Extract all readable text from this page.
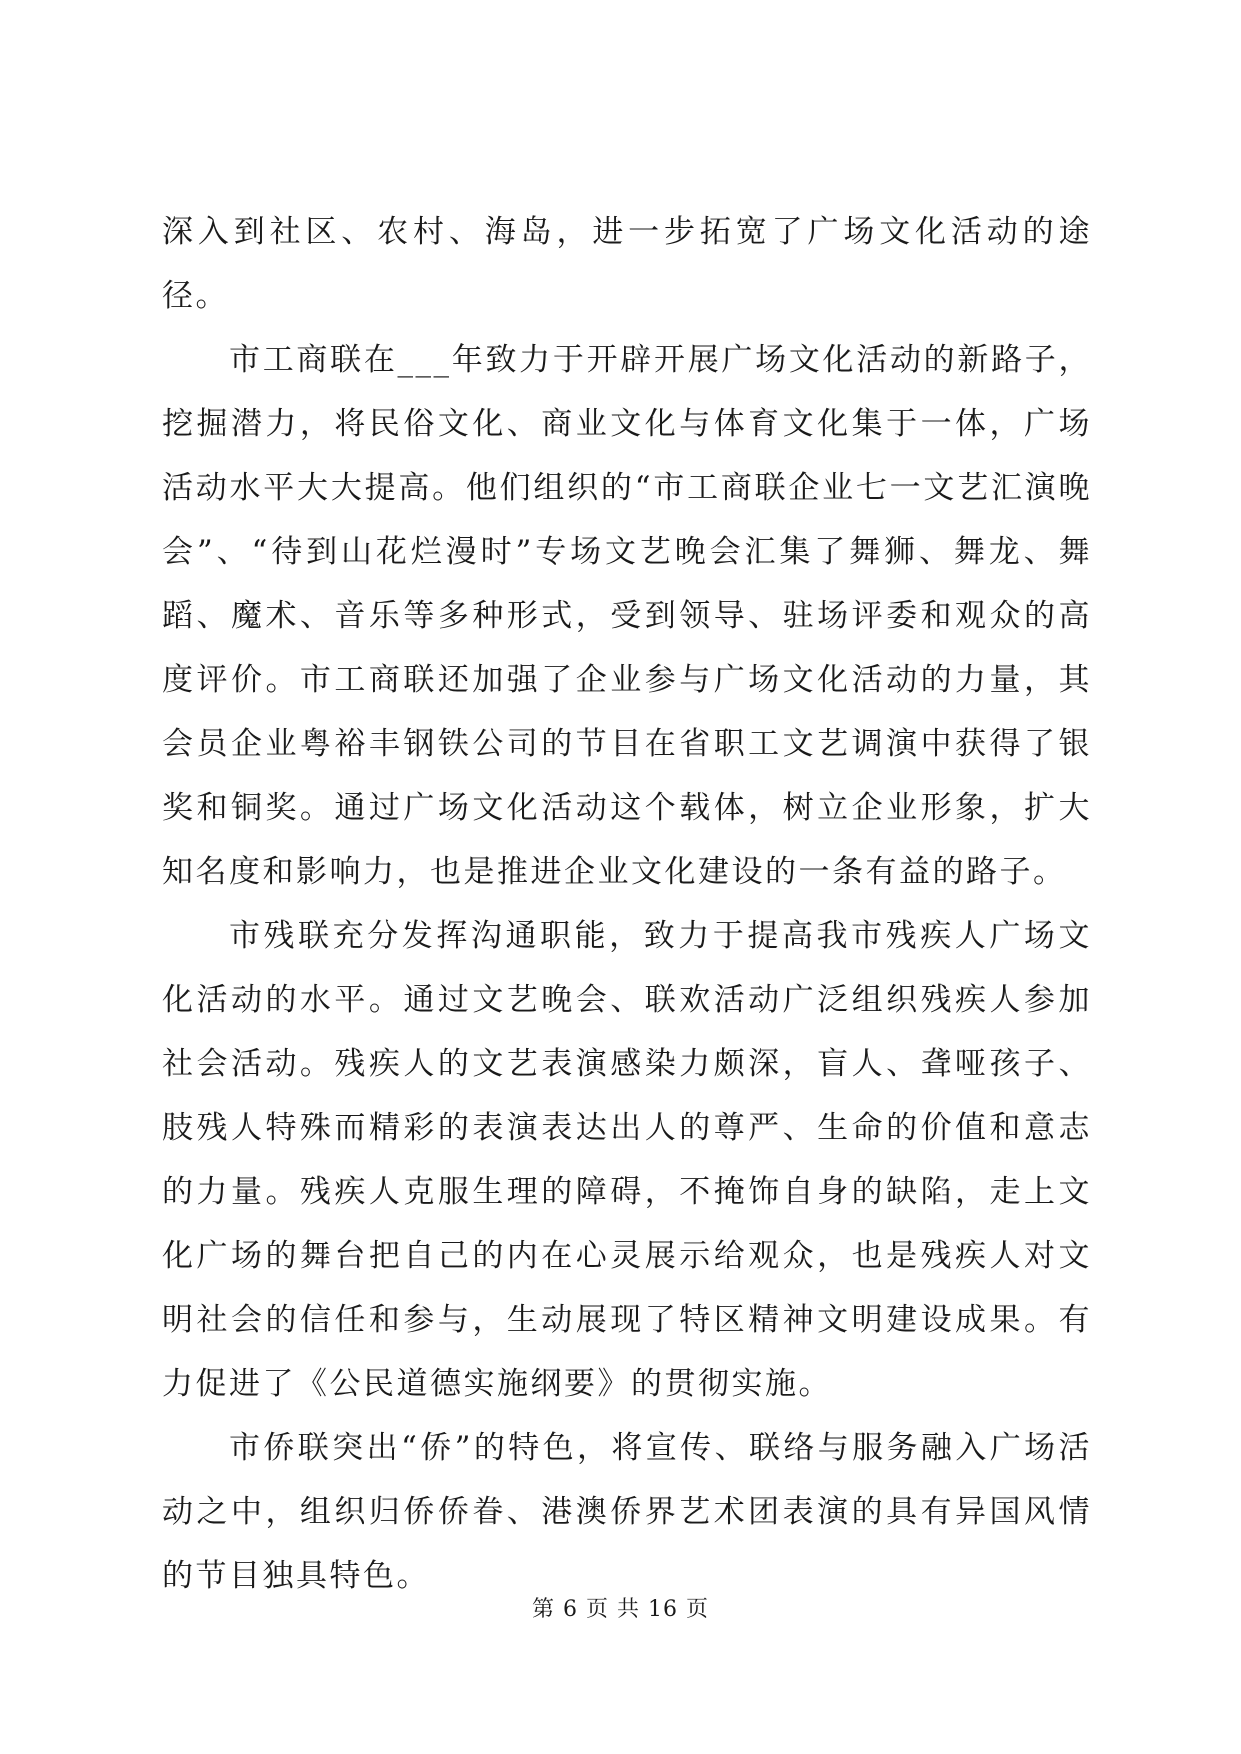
深入到社区、农村、海岛，进一步拓宽了广场文化活动的途径。

市工商联在___年致力于开辟开展广场文化活动的新路子，挖掘潜力，将民俗文化、商业文化与体育文化集于一体，广场活动水平大大提高。他们组织的“市工商联企业七一文艺汇演晚会”、“待到山花烂漫时”专场文艺晚会汇集了舞狮、舞龙、舞蹈、魔术、音乐等多种形式，受到领导、驻场评委和观众的高度评价。市工商联还加强了企业参与广场文化活动的力量，其会员企业粤裕丰钢铁公司的节目在省职工文艺调演中获得了银奖和铜奖。通过广场文化活动这个载体，树立企业形象，扩大知名度和影响力，也是推进企业文化建设的一条有益的路子。

市残联充分发挥沟通职能，致力于提高我市残疾人广场文化活动的水平。通过文艺晚会、联欢活动广泛组织残疾人参加社会活动。残疾人的文艺表演感染力颇深，盲人、聋哑孩子、肢残人特殊而精彩的表演表达出人的尊严、生命的价值和意志的力量。残疾人克服生理的障碍，不掩饰自身的缺陷，走上文化广场的舞台把自己的内在心灵展示给观众，也是残疾人对文明社会的信任和参与，生动展现了特区精神文明建设成果。有力促进了《公民道德实施纲要》的贯彻实施。

市侨联突出“侨”的特色，将宣传、联络与服务融入广场活动之中，组织归侨侨眷、港澳侨界艺术团表演的具有异国风情的节目独具特色。

第 6 页 共 16 页
